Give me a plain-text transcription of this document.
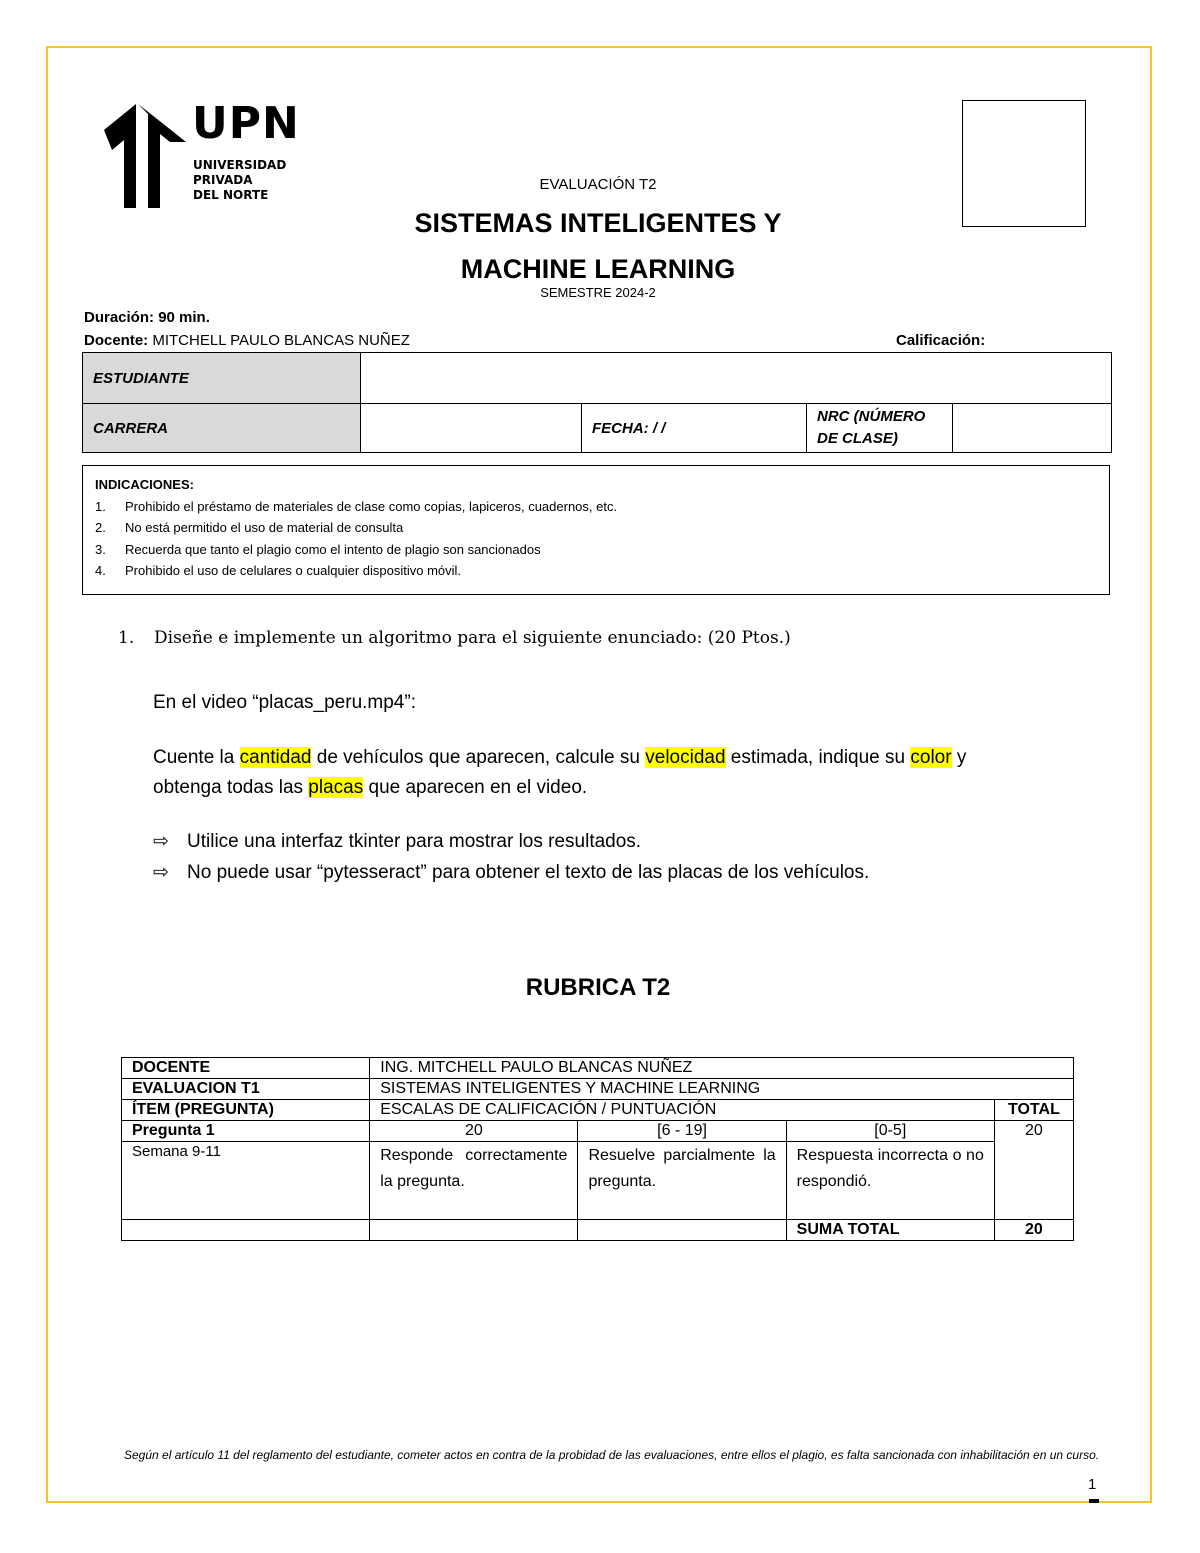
UPN
UNIVERSIDAD
PRIVADA
DEL NORTE
EVALUACIÓN T2
SISTEMAS INTELIGENTES Y
MACHINE LEARNING
SEMESTRE 2024-2
Duración: 90 min.
Docente: MITCHELL PAULO BLANCAS NUÑEZ	Calificación:
ESTUDIANTE				
CARRERA		FECHA: / /	NRC (NÚMERO DE CLASE)	
INDICACIONES:
1.	Prohibido el préstamo de materiales de clase como copias, lapiceros, cuadernos, etc.
2.	No está permitido el uso de material de consulta
3.	Recuerda que tanto el plagio como el intento de plagio son sancionados
4.	Prohibido el uso de celulares o cualquier dispositivo móvil.
1. Diseñe e implemente un algoritmo para el siguiente enunciado: (20 Ptos.)
En el video “placas_peru.mp4”:
Cuente la cantidad de vehículos que aparecen, calcule su velocidad estimada, indique su color y
obtenga todas las placas que aparecen en el video.
⇨ Utilice una interfaz tkinter para mostrar los resultados.
⇨ No puede usar “pytesseract” para obtener el texto de las placas de los vehículos.
RUBRICA T2
DOCENTE	ING. MITCHELL PAULO BLANCAS NUÑEZ			
EVALUACION T1	SISTEMAS INTELIGENTES Y MACHINE LEARNING			
ÍTEM (PREGUNTA)	ESCALAS DE CALIFICACIÓN / PUNTUACIÓN			TOTAL
Pregunta 1	20	[6 - 19]	[0-5]	20
Semana 9-11	Responde correctamente la pregunta.	Resuelve parcialmente la pregunta.	Respuesta incorrecta o no respondió.	
			SUMA TOTAL	20
Según el artículo 11 del reglamento del estudiante, cometer actos en contra de la probidad de las evaluaciones, entre ellos el plagio, es falta sancionada con inhabilitación en un curso.
1
